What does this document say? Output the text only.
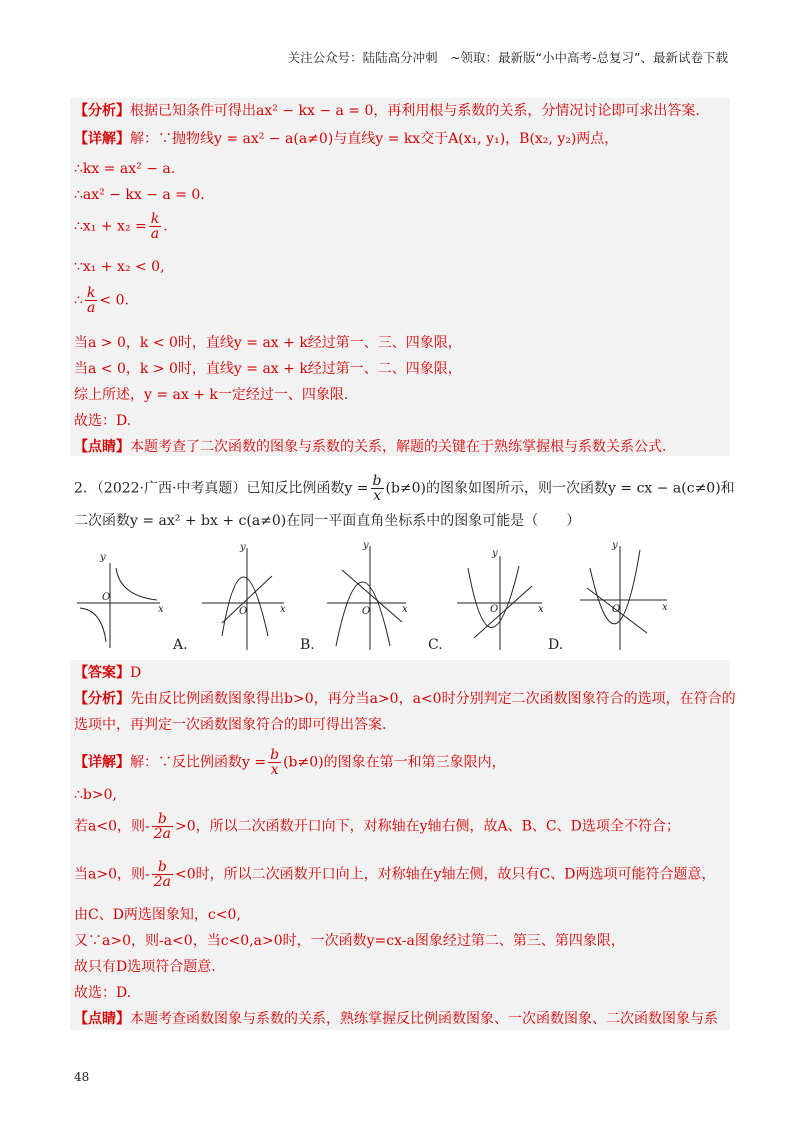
关注公众号：陆陆高分冲刺　~领取：最新版“小中高考-总复习”、最新试卷下载
【分析】根据已知条件可得出ax² − kx − a = 0，再利用根与系数的关系，分情况讨论即可求出答案.
【详解】解：∵抛物线y = ax² − a(a≠0)与直线y = kx交于A(x₁, y₁)，B(x₂, y₂)两点，
∴kx = ax² − a.
∴ax² − kx − a = 0.
∴x₁ + $x_2 = \frac{k}{a}$ .
∵x₁ + x₂ < 0,
∴ $\frac{k}{a} < 0$.
当a > 0，k < 0时，直线y = ax + k经过第一、三、四象限，
当a < 0，k > 0时，直线y = ax + k经过第一、二、四象限，
综上所述，y = ax + k一定经过一、四象限.
故选：D.
【点睛】本题考查了二次函数的图象与系数的关系，解题的关键在于熟练掌握根与系数关系公式.
2．（2022·广西·中考真题）已知反比例函数$y = \frac{b}{x} (b\ne 0)$的图象如图所示，则一次函数y = cx − a(c≠0)和
二次函数y = ax² + bx + c(a≠0)在同一平面直角坐标系中的图象可能是（　　）
y
O
x
y
O	x
y
O	x
y
O	x
y
O	x
A.	B.	C.	D.
【答案】D
【分析】先由反比例函数图象得出b>0，再分当a>0，a<0时分别判定二次函数图象符合的选项，在符合的
选项中，再判定一次函数图象符合的即可得出答案.
【详解】解：∵反比例函数$y = \frac{b}{x} (b\ne 0)$的图象在第一和第三象限内，
∴b>0,
若a<0，则- $\frac{b}{2a} >0$，所以二次函数开口向下，对称轴在y轴右侧，故A、B、C、D选项全不符合；
当a>0，则- $\frac{b}{2a} <0$时，所以二次函数开口向上，对称轴在y轴左侧，故只有C、D两选项可能符合题意，
由C、D两选图象知，c<0,
又∵a>0，则-a<0，当c<0,a>0时，一次函数y=cx-a图象经过第二、第三、第四象限，
故只有D选项符合题意.
故选：D.
【点睛】本题考查函数图象与系数的关系，熟练掌握反比例函数图象、一次函数图象、二次函数图象与系
48
